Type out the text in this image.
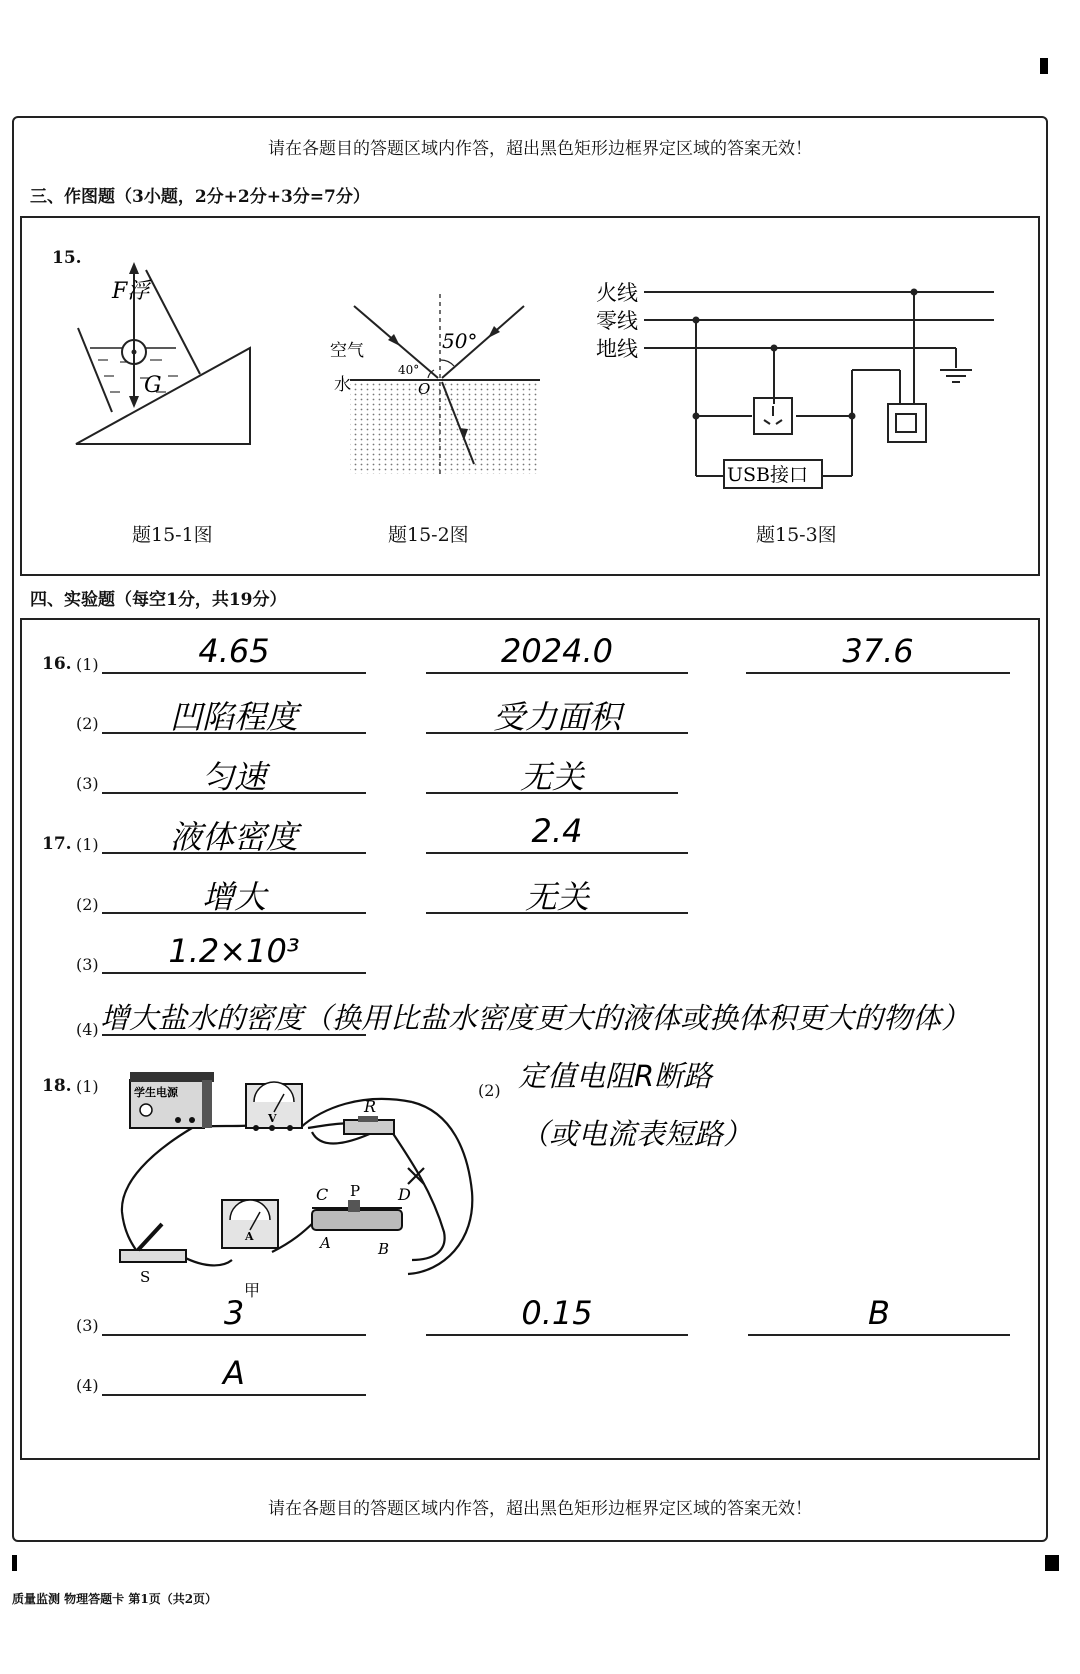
请在各题目的答题区域内作答，超出黑色矩形边框界定区域的答案无效！
三、作图题（3小题，2分+2分+3分=7分）
15.
F浮
G
题15-1图
空气
水
40°
50°
O
题15-2图
火线
零线
地线
USB接口
题15-3图
四、实验题（每空1分，共19分）
16. (1)	4.65	2024.0	37.6
(2)	凹陷程度	受力面积
(3)	匀速	无关
17. (1)	液体密度	2.4
(2)	增大	无关
(3)	1.2×10³
(4) 增大盐水的密度（换用比盐水密度更大的液体或换体积更大的物体）
18. (1)	学生电源
V
R
A
C P D
A	B
S
甲
(2) 定值电阻R断路
（或电流表短路）
(3)	3	0.15	B
(4)	A
请在各题目的答题区域内作答，超出黑色矩形边框界定区域的答案无效！
质量监测 物理答题卡 第1页（共2页）
